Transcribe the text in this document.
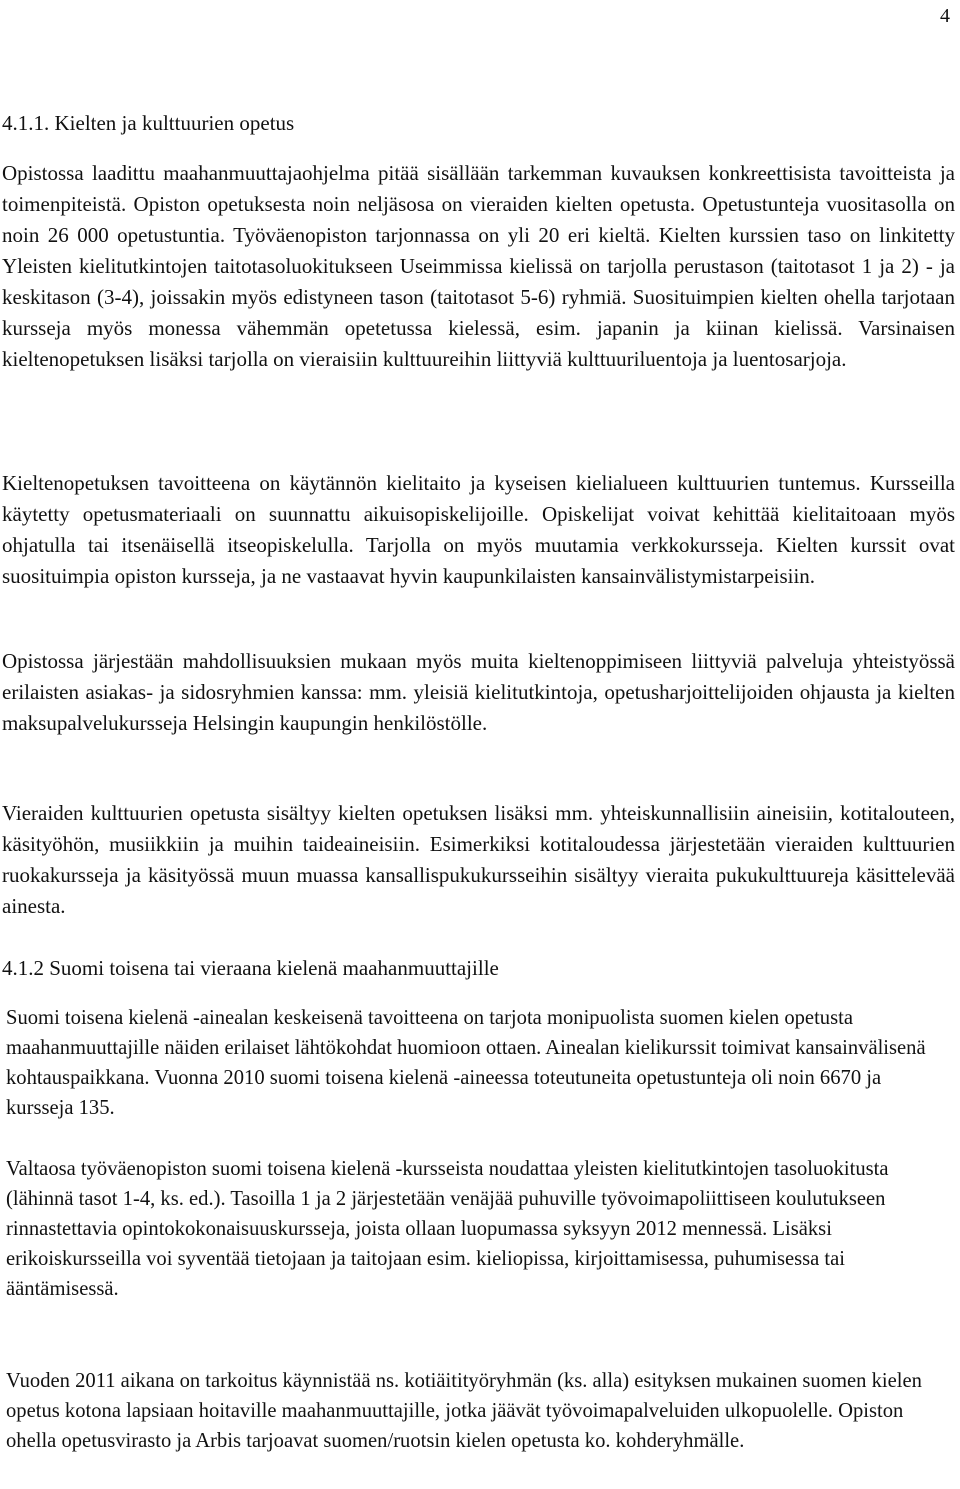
4
4.1.1. Kielten ja kulttuurien opetus

Opistossa laadittu maahanmuuttajaohjelma pitää sisällään tarkemman kuvauksen konkreettisista tavoitteista ja toimenpiteistä. Opiston opetuksesta noin neljäsosa on vieraiden kielten opetusta. Opetustunteja vuositasolla on noin 26 000 opetustuntia. Työväenopiston tarjonnassa on yli 20 eri kieltä. Kielten kurssien taso on linkitetty Yleisten kielitutkintojen taitotasoluokitukseen Useimmissa kielissä on tarjolla perustason (taitotasot 1 ja 2) - ja keskitason (3-4), joissakin myös edistyneen tason (taitotasot 5-6) ryhmiä. Suosituimpien kielten ohella tarjotaan kursseja myös monessa vähemmän opetetussa kielessä, esim. japanin ja kiinan kielissä. Varsinaisen kieltenopetuksen lisäksi tarjolla on vieraisiin kulttuureihin liittyviä kulttuuriluentoja ja luentosarjoja.

Kieltenopetuksen tavoitteena on käytännön kielitaito ja kyseisen kielialueen kulttuurien tuntemus. Kursseilla käytetty opetusmateriaali on suunnattu aikuisopiskelijoille. Opiskelijat voivat kehittää kielitaitoaan myös ohjatulla tai itsenäisellä itseopiskelulla. Tarjolla on myös muutamia verkkokursseja. Kielten kurssit ovat suosituimpia opiston kursseja, ja ne vastaavat hyvin kaupunkilaisten kansainvälistymistarpeisiin.

Opistossa järjestään mahdollisuuksien mukaan myös muita kieltenoppimiseen liittyviä palveluja yhteistyössä erilaisten asiakas- ja sidosryhmien kanssa: mm. yleisiä kielitutkintoja, opetusharjoittelijoiden ohjausta ja kielten maksupalvelukursseja Helsingin kaupungin henkilöstölle.

Vieraiden kulttuurien opetusta sisältyy kielten opetuksen lisäksi mm. yhteiskunnallisiin aineisiin, kotitalouteen, käsityöhön, musiikkiin ja muihin taideaineisiin. Esimerkiksi kotitaloudessa järjestetään vieraiden kulttuurien ruokakursseja ja käsityössä muun muassa kansallispukukursseihin sisältyy vieraita pukukulttuureja käsittelevää ainesta.

4.1.2 Suomi toisena tai vieraana kielenä maahanmuuttajille

Suomi toisena kielenä -ainealan keskeisenä tavoitteena on tarjota monipuolista suomen kielen opetusta maahanmuuttajille näiden erilaiset lähtökohdat huomioon ottaen. Ainealan kielikurssit toimivat kansainvälisenä kohtauspaikkana. Vuonna 2010 suomi toisena kielenä -aineessa toteutuneita opetustunteja oli noin 6670 ja kursseja 135.

Valtaosa työväenopiston suomi toisena kielenä -kursseista noudattaa yleisten kielitutkintojen tasoluokitusta (lähinnä tasot 1-4, ks. ed.). Tasoilla 1 ja 2 järjestetään venäjää puhuville työvoimapoliittiseen koulutukseen rinnastettavia opintokokonaisuuskursseja, joista ollaan luopumassa syksyyn 2012 mennessä. Lisäksi erikoiskursseilla voi syventää tietojaan ja taitojaan esim. kieliopissa, kirjoittamisessa, puhumisessa tai ääntämisessä.

Vuoden 2011 aikana on tarkoitus käynnistää ns. kotiäitityöryhmän (ks. alla) esityksen mukainen suomen kielen opetus kotona lapsiaan hoitaville maahanmuuttajille, jotka jäävät työvoimapalveluiden ulkopuolelle. Opiston ohella opetusvirasto ja Arbis tarjoavat suomen/ruotsin kielen opetusta ko. kohderyhmälle.
